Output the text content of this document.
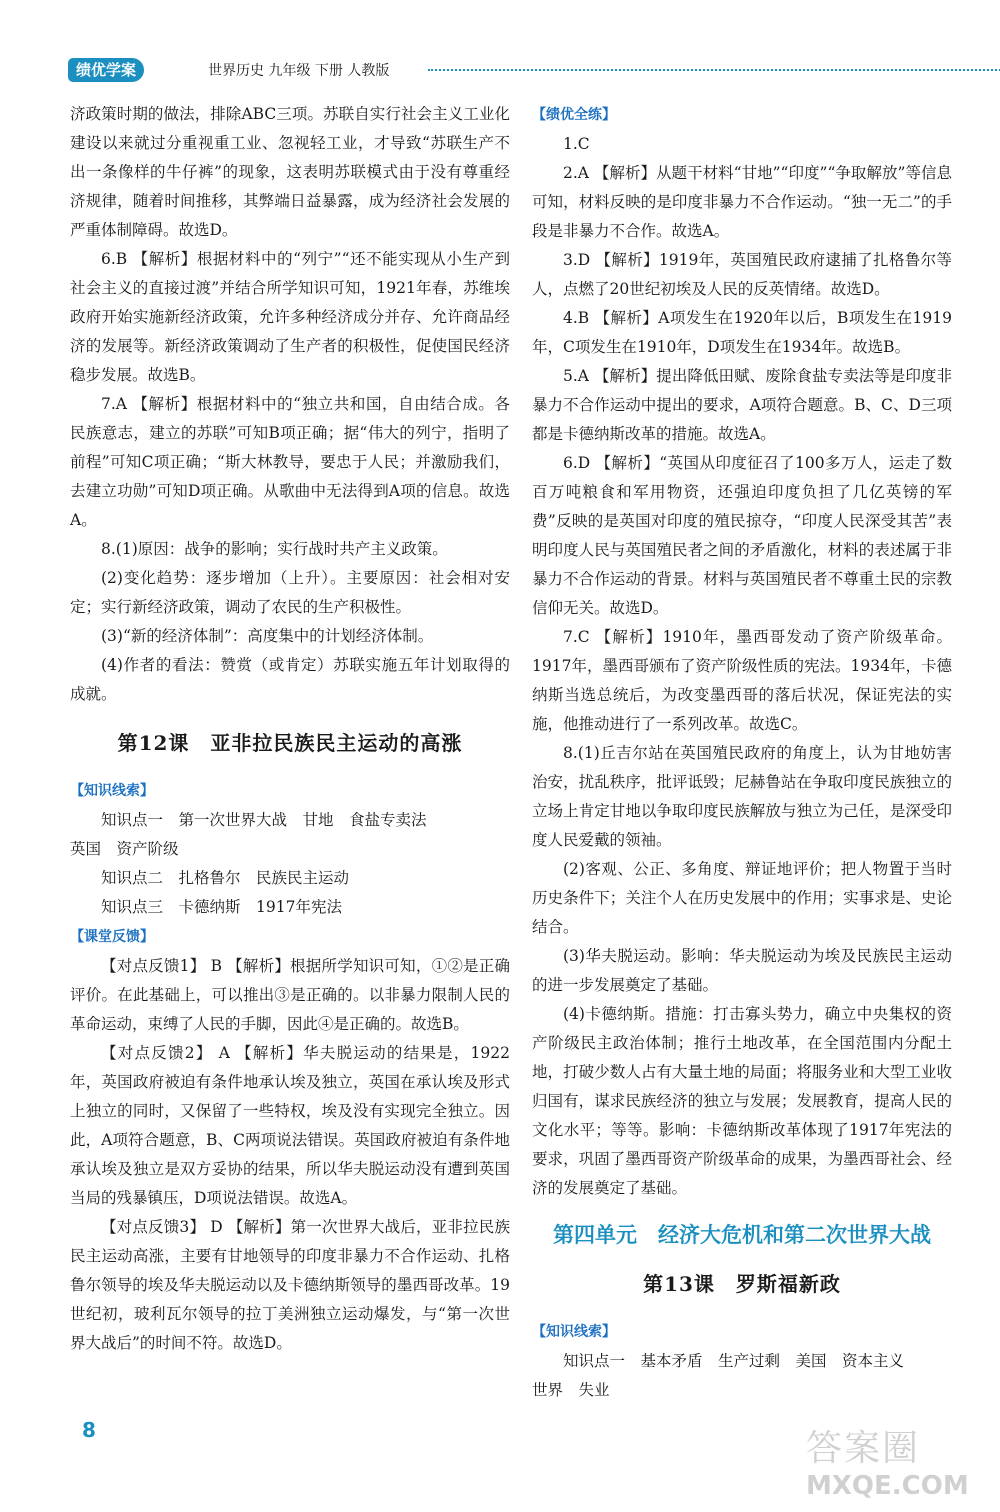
绩优学案	世界历史 九年级 下册 人教版

济政策时期的做法，排除ABC三项。苏联自实行社会主义工业化建设以来就过分重视重工业、忽视轻工业，才导致“苏联生产不出一条像样的牛仔裤”的现象，这表明苏联模式由于没有尊重经济规律，随着时间推移，其弊端日益暴露，成为经济社会发展的严重体制障碍。故选D。

6.B 【解析】根据材料中的“列宁”“还不能实现从小生产到社会主义的直接过渡”并结合所学知识可知，1921年春，苏维埃政府开始实施新经济政策，允许多种经济成分并存、允许商品经济的发展等。新经济政策调动了生产者的积极性，促使国民经济稳步发展。故选B。

7.A 【解析】根据材料中的“独立共和国，自由结合成。各民族意志，建立的苏联”可知B项正确；据“伟大的列宁，指明了前程”可知C项正确；“斯大林教导，要忠于人民；并激励我们，去建立功勋”可知D项正确。从歌曲中无法得到A项的信息。故选A。

8.(1)原因：战争的影响；实行战时共产主义政策。

(2)变化趋势：逐步增加（上升）。主要原因：社会相对安定；实行新经济政策，调动了农民的生产积极性。

(3)“新的经济体制”：高度集中的计划经济体制。

(4)作者的看法：赞赏（或肯定）苏联实施五年计划取得的成就。

第12课　亚非拉民族民主运动的高涨

【知识线索】

知识点一　第一次世界大战　甘地　食盐专卖法

英国　资产阶级

知识点二　扎格鲁尔　民族民主运动

知识点三　卡德纳斯　1917年宪法

【课堂反馈】

【对点反馈1】 B 【解析】根据所学知识可知，①②是正确评价。在此基础上，可以推出③是正确的。以非暴力限制人民的革命运动，束缚了人民的手脚，因此④是正确的。故选B。

【对点反馈2】 A 【解析】华夫脱运动的结果是，1922年，英国政府被迫有条件地承认埃及独立，英国在承认埃及形式上独立的同时，又保留了一些特权，埃及没有实现完全独立。因此，A项符合题意，B、C两项说法错误。英国政府被迫有条件地承认埃及独立是双方妥协的结果，所以华夫脱运动没有遭到英国当局的残暴镇压，D项说法错误。故选A。

【对点反馈3】 D 【解析】第一次世界大战后，亚非拉民族民主运动高涨，主要有甘地领导的印度非暴力不合作运动、扎格鲁尔领导的埃及华夫脱运动以及卡德纳斯领导的墨西哥改革。19世纪初，玻利瓦尔领导的拉丁美洲独立运动爆发，与“第一次世界大战后”的时间不符。故选D。

【绩优全练】

1.C

2.A 【解析】从题干材料“甘地”“印度”“争取解放”等信息可知，材料反映的是印度非暴力不合作运动。“独一无二”的手段是非暴力不合作。故选A。

3.D 【解析】1919年，英国殖民政府逮捕了扎格鲁尔等人，点燃了20世纪初埃及人民的反英情绪。故选D。

4.B 【解析】A项发生在1920年以后，B项发生在1919年，C项发生在1910年，D项发生在1934年。故选B。

5.A 【解析】提出降低田赋、废除食盐专卖法等是印度非暴力不合作运动中提出的要求，A项符合题意。B、C、D三项都是卡德纳斯改革的措施。故选A。

6.D 【解析】“英国从印度征召了100多万人，运走了数百万吨粮食和军用物资，还强迫印度负担了几亿英镑的军费”反映的是英国对印度的殖民掠夺，“印度人民深受其苦”表明印度人民与英国殖民者之间的矛盾激化，材料的表述属于非暴力不合作运动的背景。材料与英国殖民者不尊重土民的宗教信仰无关。故选D。

7.C 【解析】1910年，墨西哥发动了资产阶级革命。1917年，墨西哥颁布了资产阶级性质的宪法。1934年，卡德纳斯当选总统后，为改变墨西哥的落后状况，保证宪法的实施，他推动进行了一系列改革。故选C。

8.(1)丘吉尔站在英国殖民政府的角度上，认为甘地妨害治安，扰乱秩序，批评诋毁；尼赫鲁站在争取印度民族独立的立场上肯定甘地以争取印度民族解放与独立为己任，是深受印度人民爱戴的领袖。

(2)客观、公正、多角度、辩证地评价；把人物置于当时历史条件下；关注个人在历史发展中的作用；实事求是、史论结合。

(3)华夫脱运动。影响：华夫脱运动为埃及民族民主运动的进一步发展奠定了基础。

(4)卡德纳斯。措施：打击寡头势力，确立中央集权的资产阶级民主政治体制；推行土地改革，在全国范围内分配土地，打破少数人占有大量土地的局面；将服务业和大型工业收归国有，谋求民族经济的独立与发展；发展教育，提高人民的文化水平；等等。影响：卡德纳斯改革体现了1917年宪法的要求，巩固了墨西哥资产阶级革命的成果，为墨西哥社会、经济的发展奠定了基础。

第四单元　经济大危机和第二次世界大战

第13课　罗斯福新政

【知识线索】

知识点一　基本矛盾　生产过剩　美国　资本主义

世界　失业

8	答案圈
MXQE.COM
